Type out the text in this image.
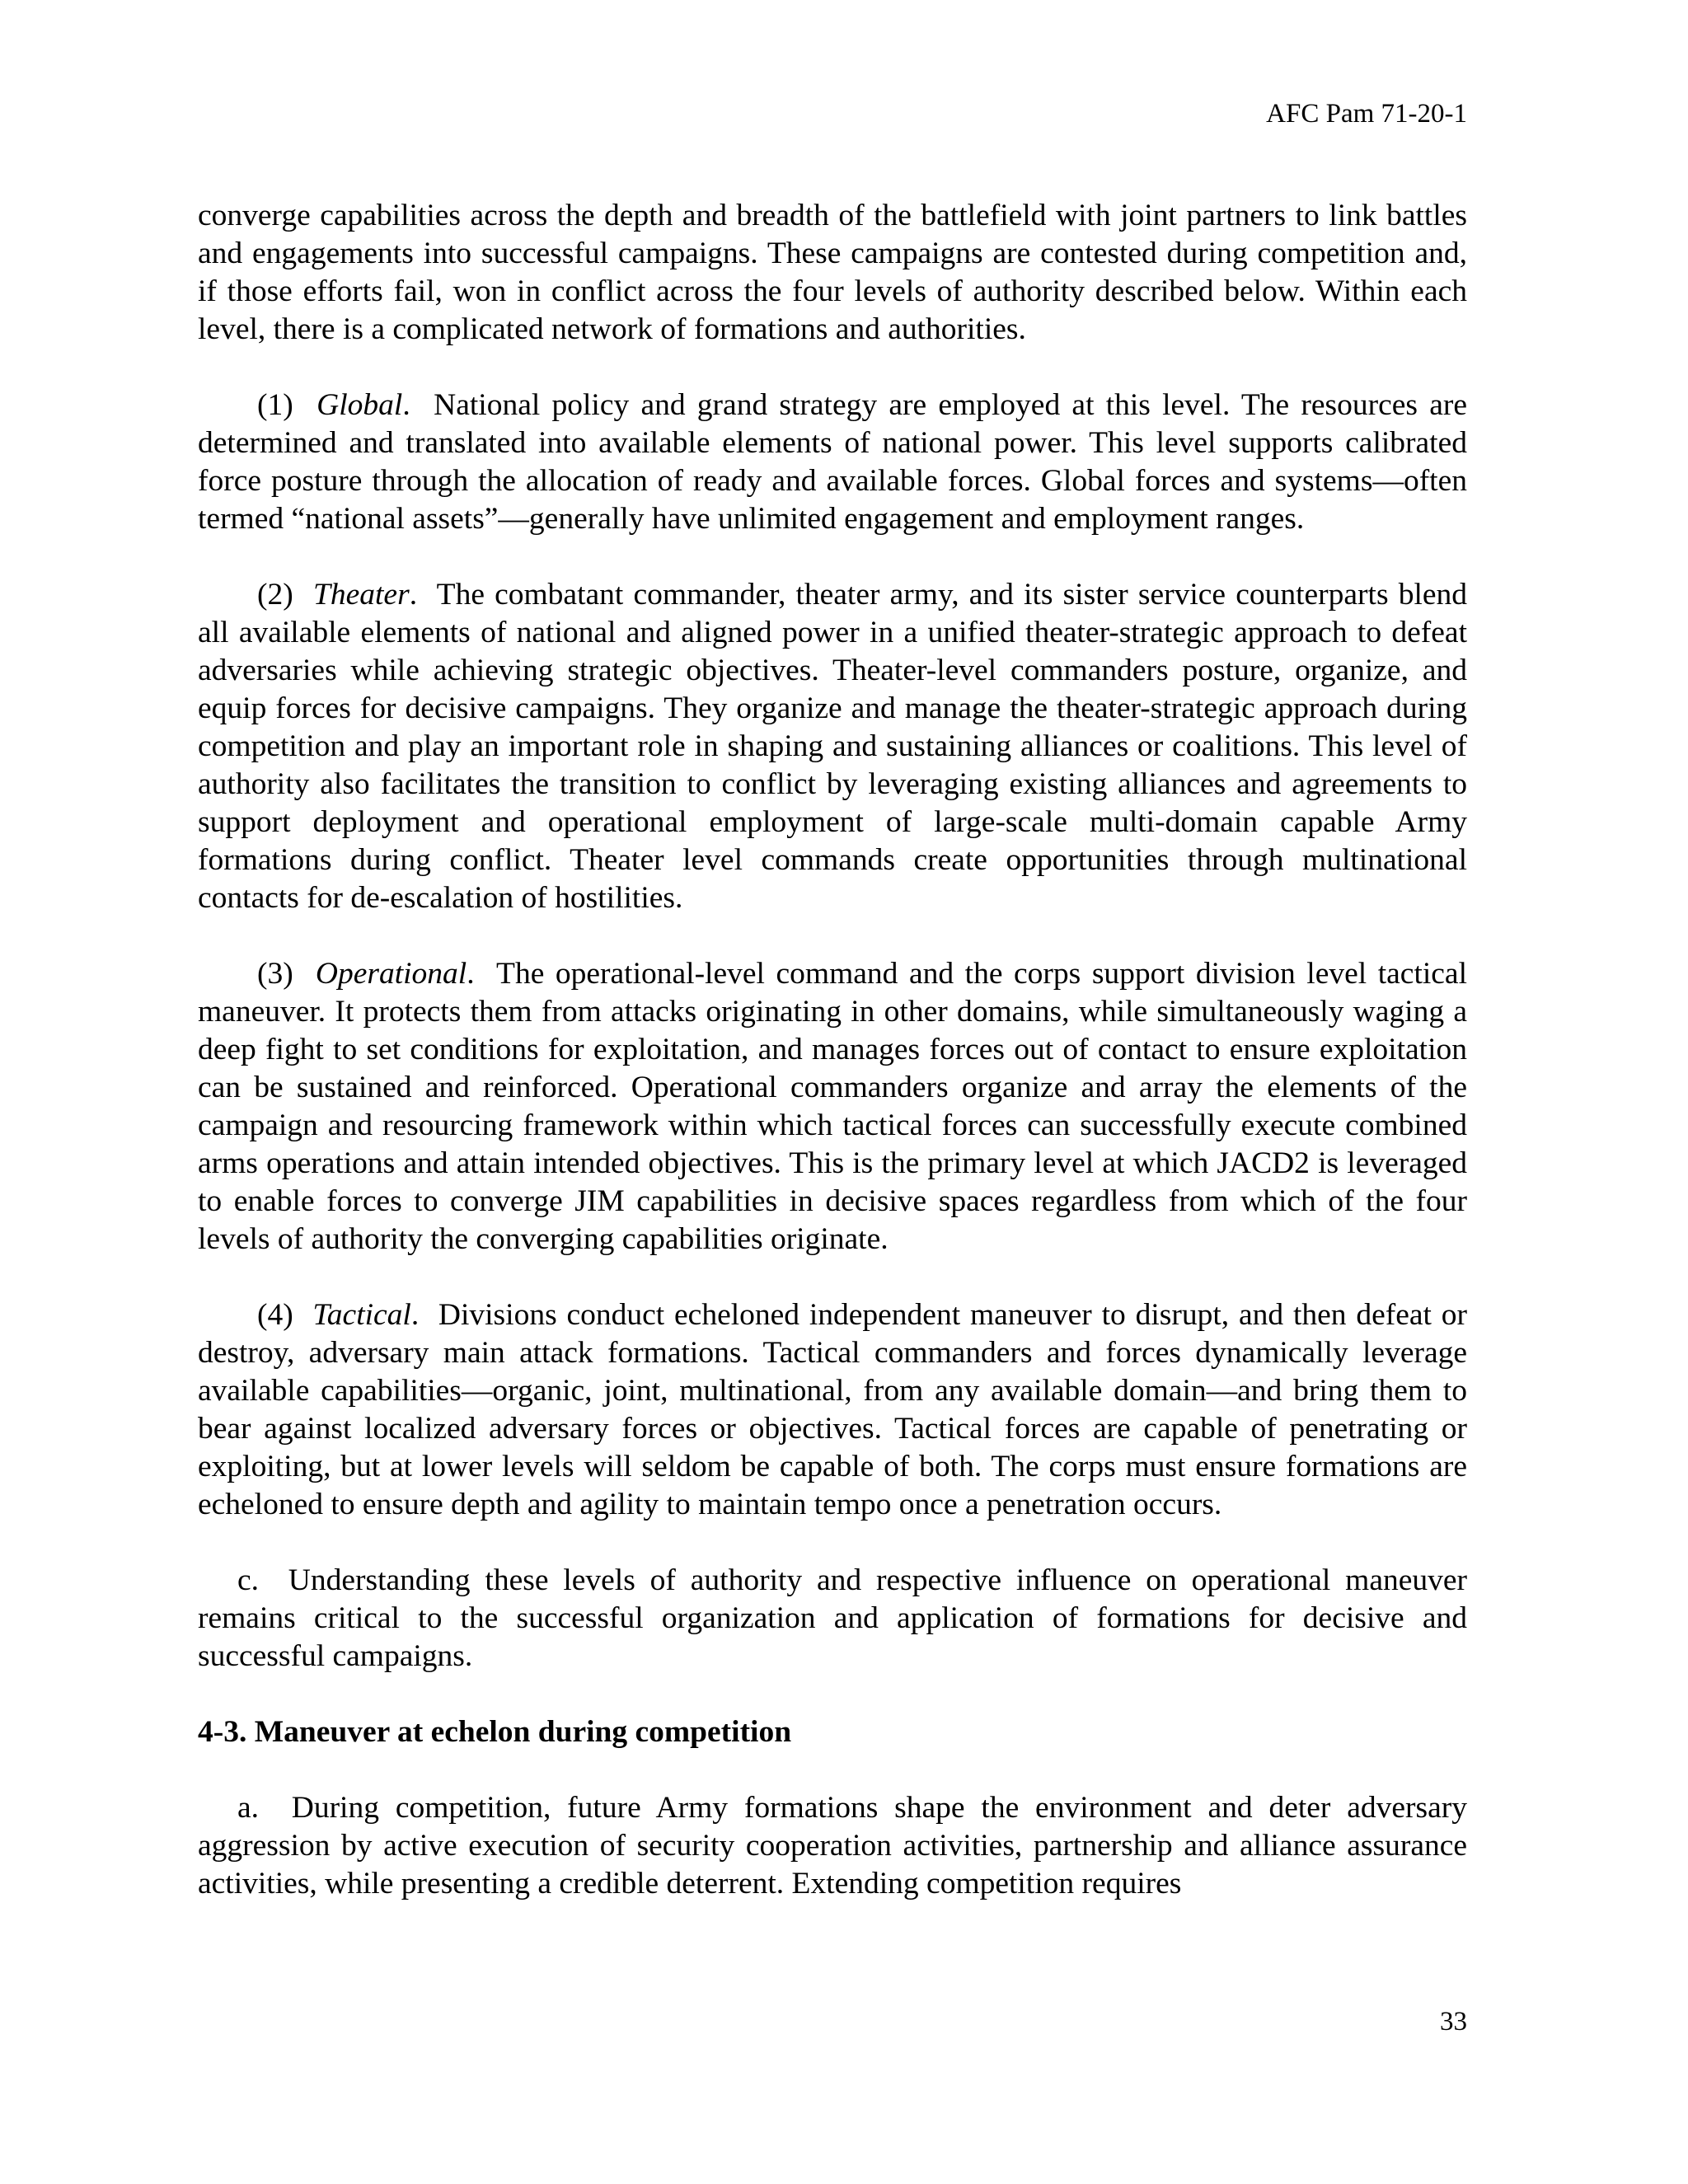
AFC Pam 71-20-1

converge capabilities across the depth and breadth of the battlefield with joint partners to link battles and engagements into successful campaigns. These campaigns are contested during competition and, if those efforts fail, won in conflict across the four levels of authority described below. Within each level, there is a complicated network of formations and authorities.

(1) Global.  National policy and grand strategy are employed at this level. The resources are determined and translated into available elements of national power. This level supports calibrated force posture through the allocation of ready and available forces. Global forces and systems—often termed “national assets”—generally have unlimited engagement and employment ranges.

(2) Theater.  The combatant commander, theater army, and its sister service counterparts blend all available elements of national and aligned power in a unified theater-strategic approach to defeat adversaries while achieving strategic objectives. Theater-level commanders posture, organize, and equip forces for decisive campaigns. They organize and manage the theater-strategic approach during competition and play an important role in shaping and sustaining alliances or coalitions. This level of authority also facilitates the transition to conflict by leveraging existing alliances and agreements to support deployment and operational employment of large-scale multi-domain capable Army formations during conflict. Theater level commands create opportunities through multinational contacts for de-escalation of hostilities.

(3) Operational.  The operational-level command and the corps support division level tactical maneuver. It protects them from attacks originating in other domains, while simultaneously waging a deep fight to set conditions for exploitation, and manages forces out of contact to ensure exploitation can be sustained and reinforced. Operational commanders organize and array the elements of the campaign and resourcing framework within which tactical forces can successfully execute combined arms operations and attain intended objectives. This is the primary level at which JACD2 is leveraged to enable forces to converge JIM capabilities in decisive spaces regardless from which of the four levels of authority the converging capabilities originate.

(4) Tactical.  Divisions conduct echeloned independent maneuver to disrupt, and then defeat or destroy, adversary main attack formations. Tactical commanders and forces dynamically leverage available capabilities—organic, joint, multinational, from any available domain—and bring them to bear against localized adversary forces or objectives. Tactical forces are capable of penetrating or exploiting, but at lower levels will seldom be capable of both. The corps must ensure formations are echeloned to ensure depth and agility to maintain tempo once a penetration occurs.

c. Understanding these levels of authority and respective influence on operational maneuver remains critical to the successful organization and application of formations for decisive and successful campaigns.

4-3. Maneuver at echelon during competition

a. During competition, future Army formations shape the environment and deter adversary aggression by active execution of security cooperation activities, partnership and alliance assurance activities, while presenting a credible deterrent. Extending competition requires

33
